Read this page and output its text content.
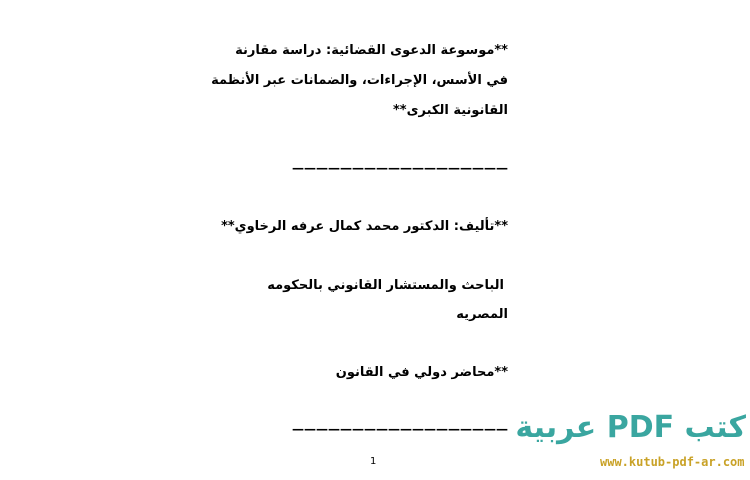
**موسوعة الدعوى القضائية: دراسة مقارنة
في الأسس، الإجراءات، والضمانات عبر الأنظمة
القانونية الكبرى**
——————————————————
**تأليف: الدكتور محمد كمال عرفه الرخاوي**
الباحث والمستشار القانوني بالحكومه
المصريه
**محاضر دولي في القانون
——————————————————
1
كتب PDF عربية
www.kutub-pdf-ar.com
